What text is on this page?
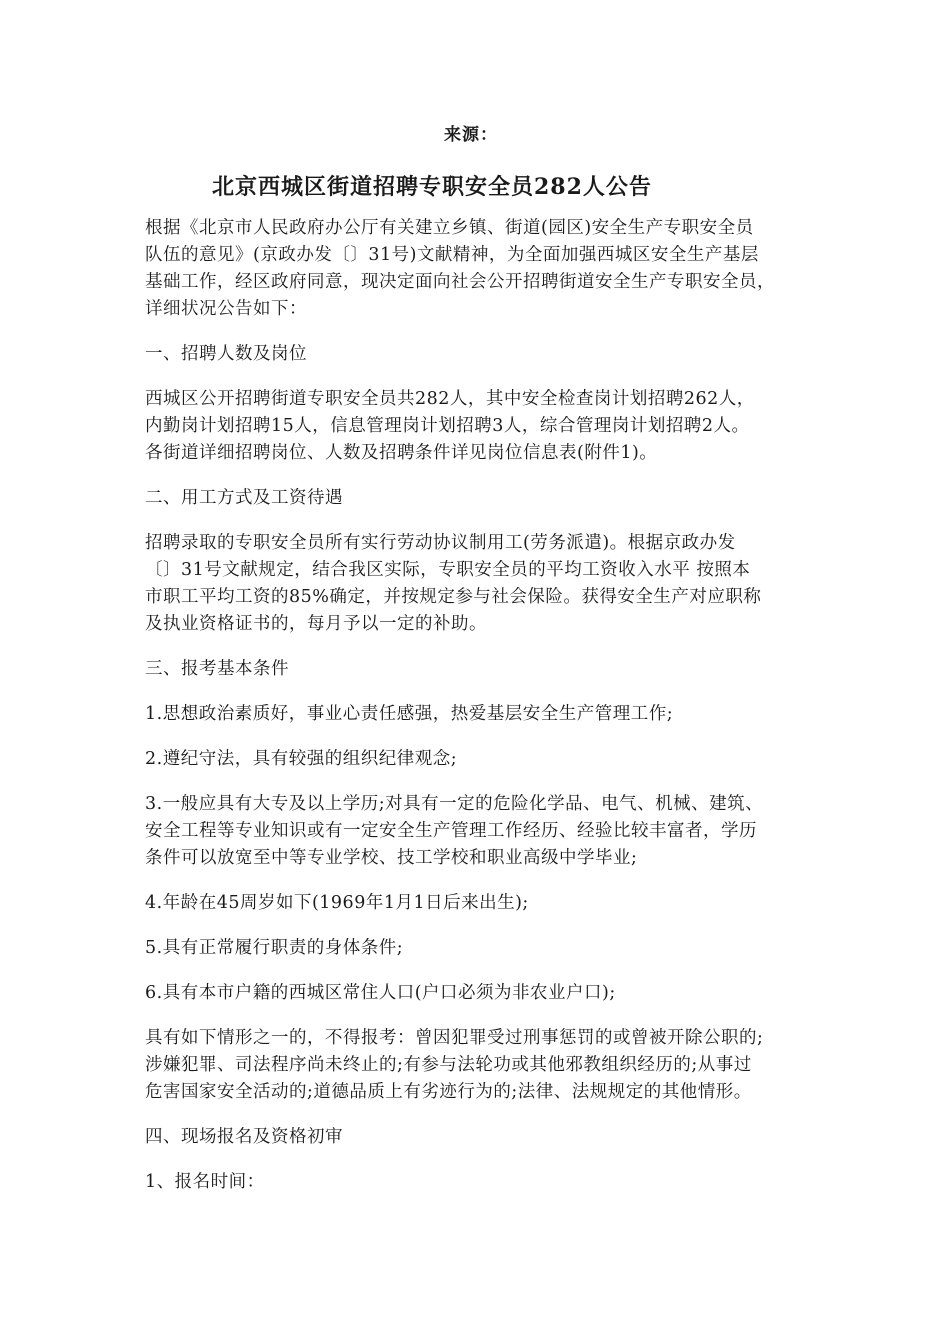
来源：
北京西城区街道招聘专职安全员282人公告

根据《北京市人民政府办公厅有关建立乡镇、街道(园区)安全生产专职安全员
队伍的意见》(京政办发〔〕31号)文献精神，为全面加强西城区安全生产基层
基础工作，经区政府同意，现决定面向社会公开招聘街道安全生产专职安全员，
详细状况公告如下：

一、招聘人数及岗位

西城区公开招聘街道专职安全员共282人，其中安全检查岗计划招聘262人，
内勤岗计划招聘15人，信息管理岗计划招聘3人，综合管理岗计划招聘2人。
各街道详细招聘岗位、人数及招聘条件详见岗位信息表(附件1)。

二、用工方式及工资待遇

招聘录取的专职安全员所有实行劳动协议制用工(劳务派遣)。根据京政办发
〔〕31号文献规定，结合我区实际，专职安全员的平均工资收入水平 按照本
市职工平均工资的85%确定，并按规定参与社会保险。获得安全生产对应职称
及执业资格证书的，每月予以一定的补助。

三、报考基本条件

1.思想政治素质好，事业心责任感强，热爱基层安全生产管理工作;

2.遵纪守法，具有较强的组织纪律观念;

3.一般应具有大专及以上学历;对具有一定的危险化学品、电气、机械、建筑、
安全工程等专业知识或有一定安全生产管理工作经历、经验比较丰富者，学历
条件可以放宽至中等专业学校、技工学校和职业高级中学毕业;

4.年龄在45周岁如下(1969年1月1日后来出生);

5.具有正常履行职责的身体条件;

6.具有本市户籍的西城区常住人口(户口必须为非农业户口);

具有如下情形之一的，不得报考：曾因犯罪受过刑事惩罚的或曾被开除公职的;
涉嫌犯罪、司法程序尚未终止的;有参与法轮功或其他邪教组织经历的;从事过
危害国家安全活动的;道德品质上有劣迹行为的;法律、法规规定的其他情形。

四、现场报名及资格初审

1、报名时间：
